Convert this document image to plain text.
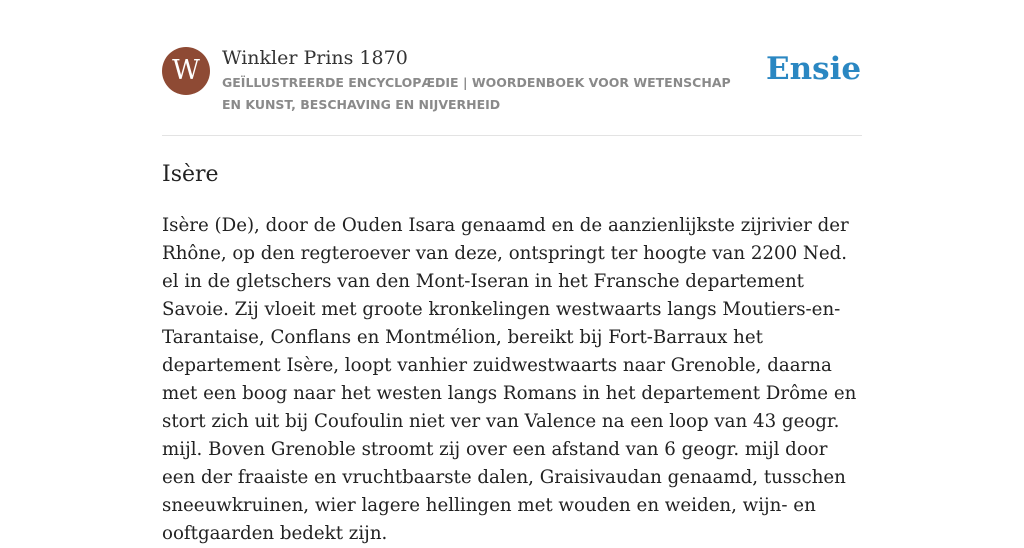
W	Winkler Prins 1870
GEÏLLUSTREERDE ENCYCLOPÆDIE | WOORDENBOEK VOOR WETENSCHAP EN KUNST, BESCHAVING EN NIJVERHEID
Ensie
Isère

Isère (De), door de Ouden Isara genaamd en de aanzienlijkste zijrivier der Rhône, op den regteroever van deze, ontspringt ter hoogte van 2200 Ned. el in de gletschers van den Mont-Iseran in het Fransche departement Savoie. Zij vloeit met groote kronkelingen westwaarts langs Moutiers-en-Tarantaise, Conflans en Montmélion, bereikt bij Fort-Barraux het departement Isère, loopt vanhier zuidwestwaarts naar Grenoble, daarna met een boog naar het westen langs Romans in het departement Drôme en stort zich uit bij Coufoulin niet ver van Valence na een loop van 43 geogr. mijl. Boven Grenoble stroomt zij over een afstand van 6 geogr. mijl door een der fraaiste en vruchtbaarste dalen, Graisivaudan genaamd, tusschen sneeuwkruinen, wier lagere hellingen met wouden en weiden, wijn- en ooftgaarden bedekt zijn.
